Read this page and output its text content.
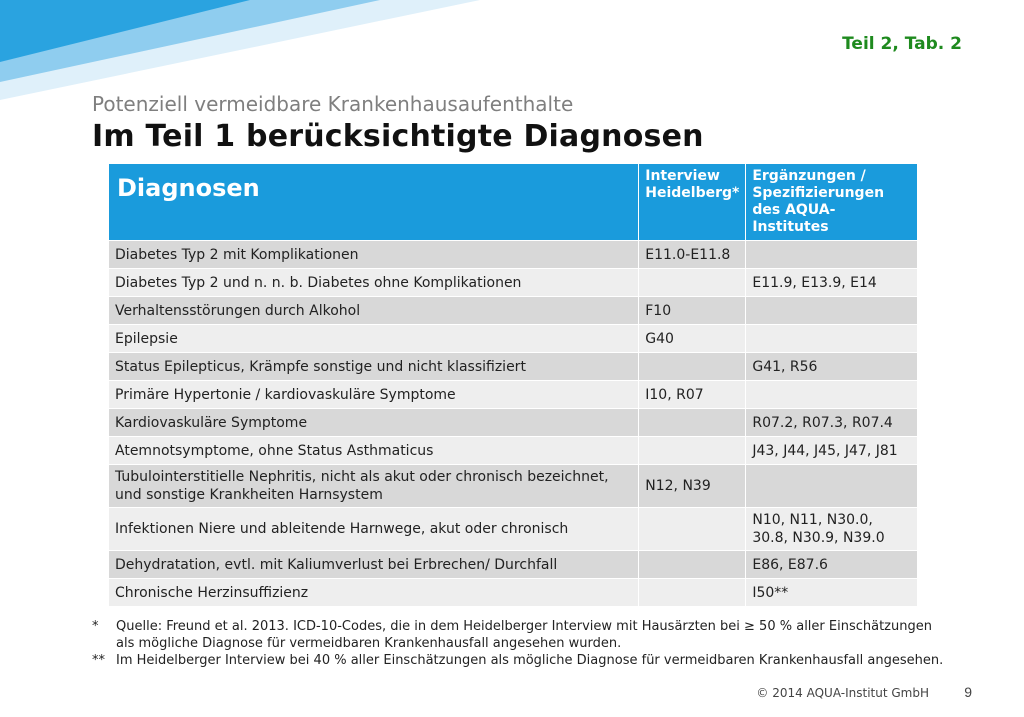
Teil 2, Tab. 2
Potenziell vermeidbare Krankenhausaufenthalte
Im Teil 1 berücksichtigte Diagnosen
Diagnosen	Interview Heidelberg*	Ergänzungen / Spezifizierungen des AQUA-Institutes
Diabetes Typ 2 mit Komplikationen	E11.0-E11.8	
Diabetes Typ 2 und n. n. b. Diabetes ohne Komplikationen		E11.9, E13.9, E14
Verhaltensstörungen durch Alkohol	F10	
Epilepsie	G40	
Status Epilepticus, Krämpfe sonstige und nicht klassifiziert		G41, R56
Primäre Hypertonie / kardiovaskuläre Symptome	I10, R07	
Kardiovaskuläre Symptome		R07.2, R07.3, R07.4
Atemnotsymptome, ohne Status Asthmaticus		J43, J44, J45, J47, J81
Tubulointerstitielle Nephritis, nicht als akut oder chronisch bezeichnet, und sonstige Krankheiten Harnsystem	N12, N39	
Infektionen Niere und ableitende Harnwege, akut oder chronisch		N10, N11, N30.0, 30.8, N30.9, N39.0
Dehydratation, evtl. mit Kaliumverlust bei Erbrechen/ Durchfall		E86, E87.6
Chronische Herzinsuffizienz		I50**
*	Quelle: Freund et al. 2013. ICD-10-Codes, die in dem Heidelberger Interview mit Hausärzten bei ≥ 50 % aller Einschätzungen als mögliche Diagnose für vermeidbaren Krankenhausfall angesehen wurden.
** Im Heidelberger Interview bei 40 % aller Einschätzungen als mögliche Diagnose für vermeidbaren Krankenhausfall angesehen.
© 2014 AQUA-Institut GmbH	9
